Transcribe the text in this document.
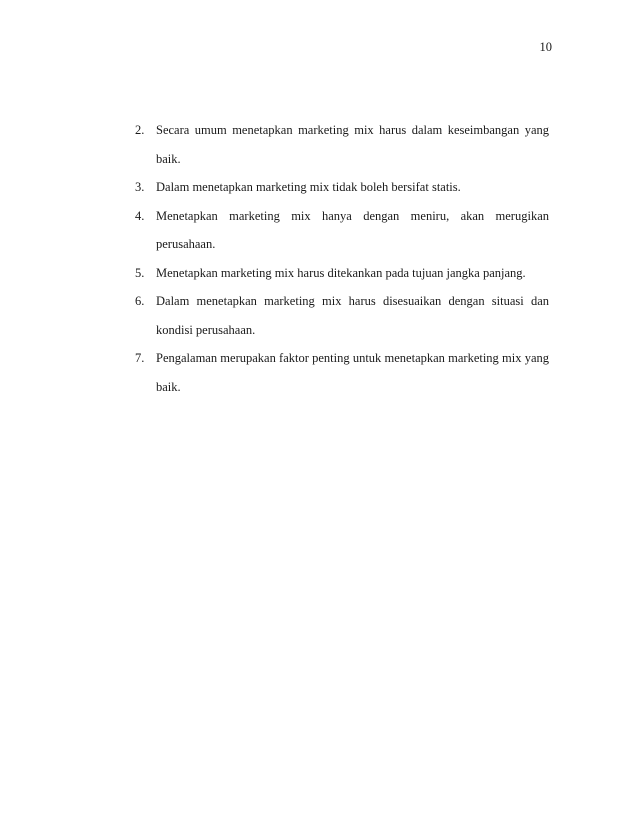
10
2. Secara umum menetapkan marketing mix harus dalam keseimbangan yang baik.
3. Dalam menetapkan marketing mix tidak boleh bersifat statis.
4. Menetapkan marketing mix hanya dengan meniru, akan merugikan perusahaan.
5. Menetapkan marketing mix harus ditekankan pada tujuan jangka panjang.
6. Dalam menetapkan marketing mix harus disesuaikan dengan situasi dan kondisi perusahaan.
7. Pengalaman merupakan faktor penting untuk menetapkan marketing mix yang baik.
